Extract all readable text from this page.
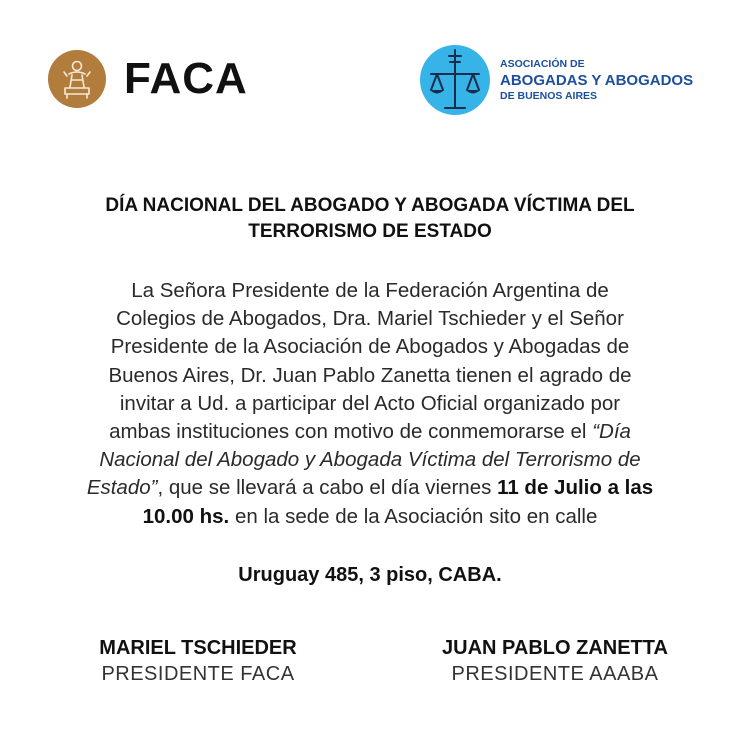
FACA	ASOCIACIÓN DE
ABOGADAS Y ABOGADOS
DE BUENOS AIRES
DÍA NACIONAL DEL ABOGADO Y ABOGADA VÍCTIMA DEL
TERRORISMO DE ESTADO
La Señora Presidente de la Federación Argentina de
Colegios de Abogados, Dra. Mariel Tschieder y el Señor
Presidente de la Asociación de Abogados y Abogadas de
Buenos Aires, Dr. Juan Pablo Zanetta tienen el agrado de
invitar a Ud. a participar del Acto Oficial organizado por
ambas instituciones con motivo de conmemorarse el “Día
Nacional del Abogado y Abogada Víctima del Terrorismo de
Estado”, que se llevará a cabo el día viernes 11 de Julio a las
10.00 hs. en la sede de la Asociación sito en calle
Uruguay 485, 3 piso, CABA.
MARIEL TSCHIEDER
PRESIDENTE FACA
JUAN PABLO ZANETTA
PRESIDENTE AAABA
